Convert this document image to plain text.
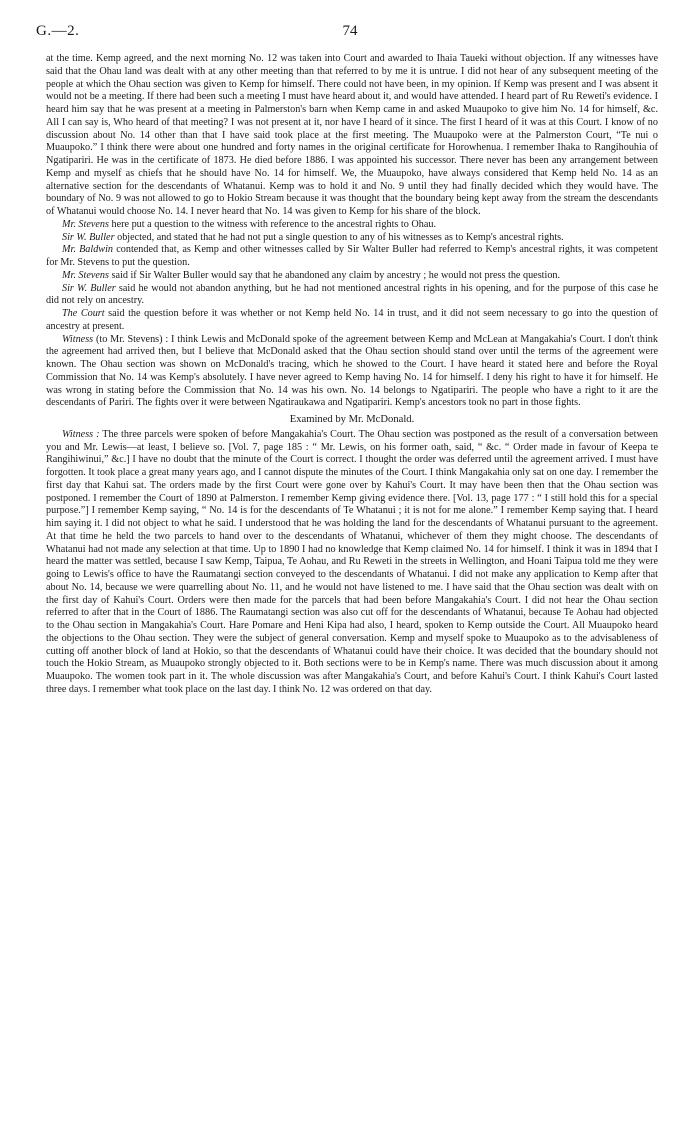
G.—2.	74

at the time. Kemp agreed, and the next morning No. 12 was taken into Court and awarded to Ihaia Taueki without objection. If any witnesses have said that the Ohau land was dealt with at any other meeting than that referred to by me it is untrue. I did not hear of any subsequent meeting of the people at which the Ohau section was given to Kemp for himself. There could not have been, in my opinion. If Kemp was present and I was absent it would not be a meeting. If there had been such a meeting I must have heard about it, and would have attended. I heard part of Ru Reweti's evidence. I heard him say that he was present at a meeting in Palmerston's barn when Kemp came in and asked Muaupoko to give him No. 14 for himself, &c. All I can say is, Who heard of that meeting? I was not present at it, nor have I heard of it since. The first I heard of it was at this Court. I know of no discussion about No. 14 other than that I have said took place at the first meeting. The Muaupoko were at the Palmerston Court, “Te nui o Muaupoko.” I think there were about one hundred and forty names in the original certificate for Horowhenua. I remember Ihaka to Rangihouhia of Ngatipariri. He was in the certificate of 1873. He died before 1886. I was appointed his successor. There never has been any arrangement between Kemp and myself as chiefs that he should have No. 14 for himself. We, the Muaupoko, have always considered that Kemp held No. 14 as an alternative section for the descendants of Whatanui. Kemp was to hold it and No. 9 until they had finally decided which they would have. The boundary of No. 9 was not allowed to go to Hokio Stream because it was thought that the boundary being kept away from the stream the descendants of Whatanui would choose No. 14. I never heard that No. 14 was given to Kemp for his share of the block.

Mr. Stevens here put a question to the witness with reference to the ancestral rights to Ohau.

Sir W. Buller objected, and stated that he had not put a single question to any of his witnesses as to Kemp's ancestral rights.

Mr. Baldwin contended that, as Kemp and other witnesses called by Sir Walter Buller had referred to Kemp's ancestral rights, it was competent for Mr. Stevens to put the question.

Mr. Stevens said if Sir Walter Buller would say that he abandoned any claim by ancestry ; he would not press the question.

Sir W. Buller said he would not abandon anything, but he had not mentioned ancestral rights in his opening, and for the purpose of this case he did not rely on ancestry.

The Court said the question before it was whether or not Kemp held No. 14 in trust, and it did not seem necessary to go into the question of ancestry at present.

Witness (to Mr. Stevens) : I think Lewis and McDonald spoke of the agreement between Kemp and McLean at Mangakahia's Court. I don't think the agreement had arrived then, but I believe that McDonald asked that the Ohau section should stand over until the terms of the agreement were known. The Ohau section was shown on McDonald's tracing, which he showed to the Court. I have heard it stated here and before the Royal Commission that No. 14 was Kemp's absolutely. I have never agreed to Kemp having No. 14 for himself. I deny his right to have it for himself. He was wrong in stating before the Commission that No. 14 was his own. No. 14 belongs to Ngatipariri. The people who have a right to it are the descendants of Pariri. The fights over it were between Ngatiraukawa and Ngatipariri. Kemp's ancestors took no part in those fights.

Examined by Mr. McDonald.

Witness : The three parcels were spoken of before Mangakahia's Court. The Ohau section was postponed as the result of a conversation between you and Mr. Lewis—at least, I believe so. [Vol. 7, page 185 : “ Mr. Lewis, on his former oath, said, “ &c. “ Order made in favour of Keepa te Rangihiwinui,” &c.] I have no doubt that the minute of the Court is correct. I thought the order was deferred until the agreement arrived. I must have forgotten. It took place a great many years ago, and I cannot dispute the minutes of the Court. I think Mangakahia only sat on one day. I remember the first day that Kahui sat. The orders made by the first Court were gone over by Kahui's Court. It may have been then that the Ohau section was postponed. I remember the Court of 1890 at Palmerston. I remember Kemp giving evidence there. [Vol. 13, page 177 : “ I still hold this for a special purpose.”] I remember Kemp saying, “ No. 14 is for the descendants of Te Whatanui ; it is not for me alone.” I remember Kemp saying that. I heard him saying it. I did not object to what he said. I understood that he was holding the land for the descendants of Whatanui pursuant to the agreement. At that time he held the two parcels to hand over to the descendants of Whatanui, whichever of them they might choose. The descendants of Whatanui had not made any selection at that time. Up to 1890 I had no knowledge that Kemp claimed No. 14 for himself. I think it was in 1894 that I heard the matter was settled, because I saw Kemp, Taipua, Te Aohau, and Ru Reweti in the streets in Wellington, and Hoani Taipua told me they were going to Lewis's office to have the Raumatangi section conveyed to the descendants of Whatanui. I did not make any application to Kemp after that about No. 14, because we were quarrelling about No. 11, and he would not have listened to me. I have said that the Ohau section was dealt with on the first day of Kahui's Court. Orders were then made for the parcels that had been before Mangakahia's Court. I did not hear the Ohau section referred to after that in the Court of 1886. The Raumatangi section was also cut off for the descendants of Whatanui, because Te Aohau had objected to the Ohau section in Mangakahia's Court. Hare Pomare and Heni Kipa had also, I heard, spoken to Kemp outside the Court. All Muaupoko heard the objections to the Ohau section. They were the subject of general conversation. Kemp and myself spoke to Muaupoko as to the advisableness of cutting off another block of land at Hokio, so that the descendants of Whatanui could have their choice. It was decided that the boundary should not touch the Hokio Stream, as Muaupoko strongly objected to it. Both sections were to be in Kemp's name. There was much discussion about it among Muaupoko. The women took part in it. The whole discussion was after Mangakahia's Court, and before Kahui's Court. I think Kahui's Court lasted three days. I remember what took place on the last day. I think No. 12 was ordered on that day.
